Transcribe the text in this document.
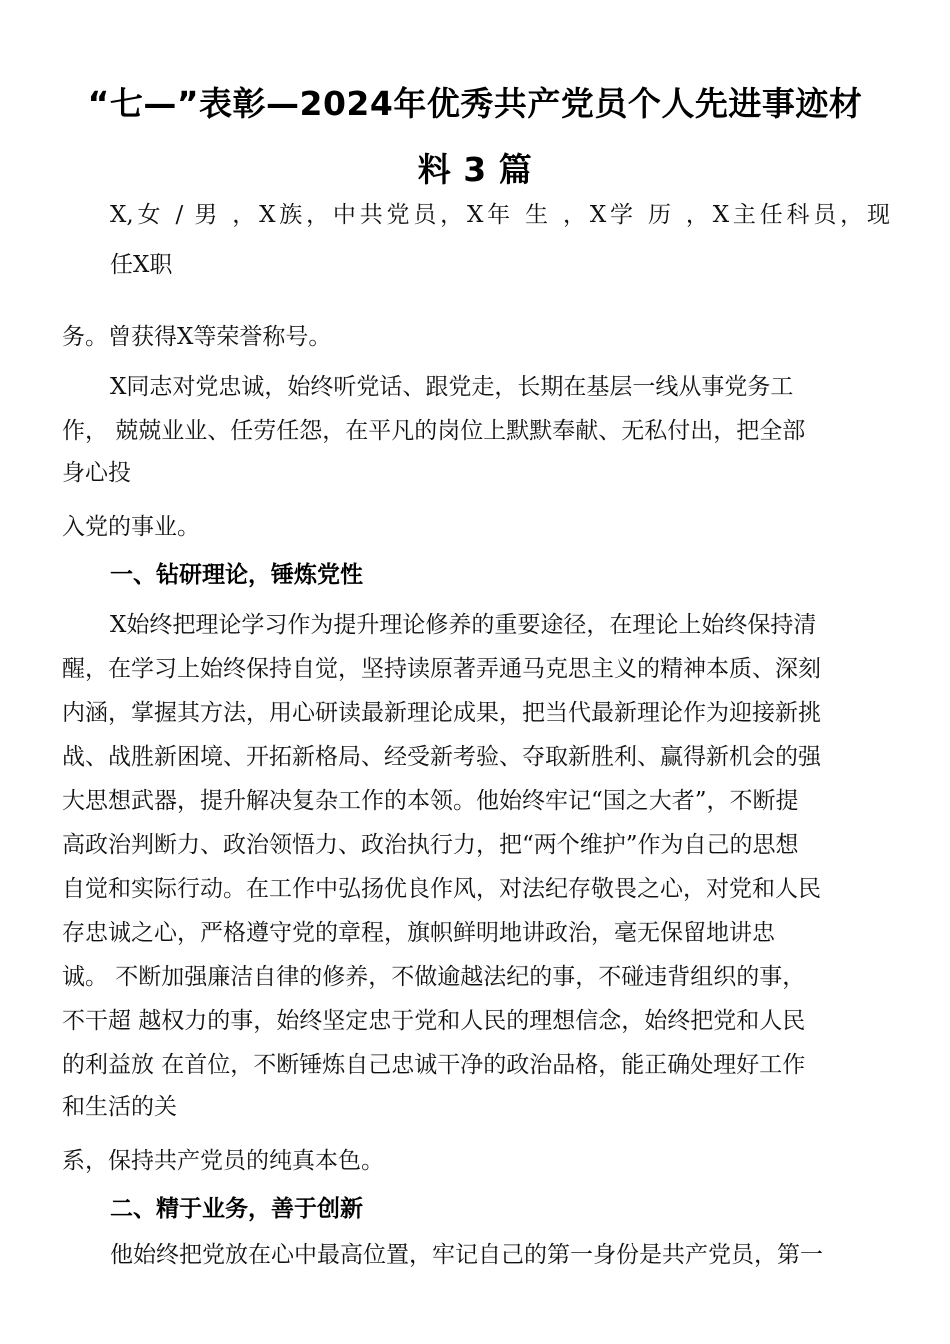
“七—”表彰—2024年优秀共产党员个人先进事迹材
料 3 篇
X,女 / 男 ，X族，中共党员，X年 生 ，X学 历 ，X主任科员，现
任X职
务。曾获得X等荣誉称号。
X同志对党忠诚，始终听党话、跟党走，长期在基层一线从事党务工
作， 兢兢业业、任劳任怨，在平凡的岗位上默默奉献、无私付出，把全部
身心投
入党的事业。
一、钻研理论，锤炼党性
X始终把理论学习作为提升理论修养的重要途径，在理论上始终保持清
醒，在学习上始终保持自觉，坚持读原著弄通马克思主义的精神本质、深刻
内涵，掌握其方法，用心研读最新理论成果，把当代最新理论作为迎接新挑
战、战胜新困境、开拓新格局、经受新考验、夺取新胜利、赢得新机会的强
大思想武器，提升解决复杂工作的本领。他始终牢记“国之大者”，不断提
高政治判断力、政治领悟力、政治执行力，把“两个维护”作为自己的思想
自觉和实际行动。在工作中弘扬优良作风，对法纪存敬畏之心，对党和人民
存忠诚之心，严格遵守党的章程，旗帜鲜明地讲政治，毫无保留地讲忠
诚。 不断加强廉洁自律的修养，不做逾越法纪的事，不碰违背组织的事，
不干超 越权力的事，始终坚定忠于党和人民的理想信念，始终把党和人民
的利益放 在首位，不断锤炼自己忠诚干净的政治品格，能正确处理好工作
和生活的关
系，保持共产党员的纯真本色。
二、精于业务，善于创新
他始终把党放在心中最高位置，牢记自己的第一身份是共产党员，第一
